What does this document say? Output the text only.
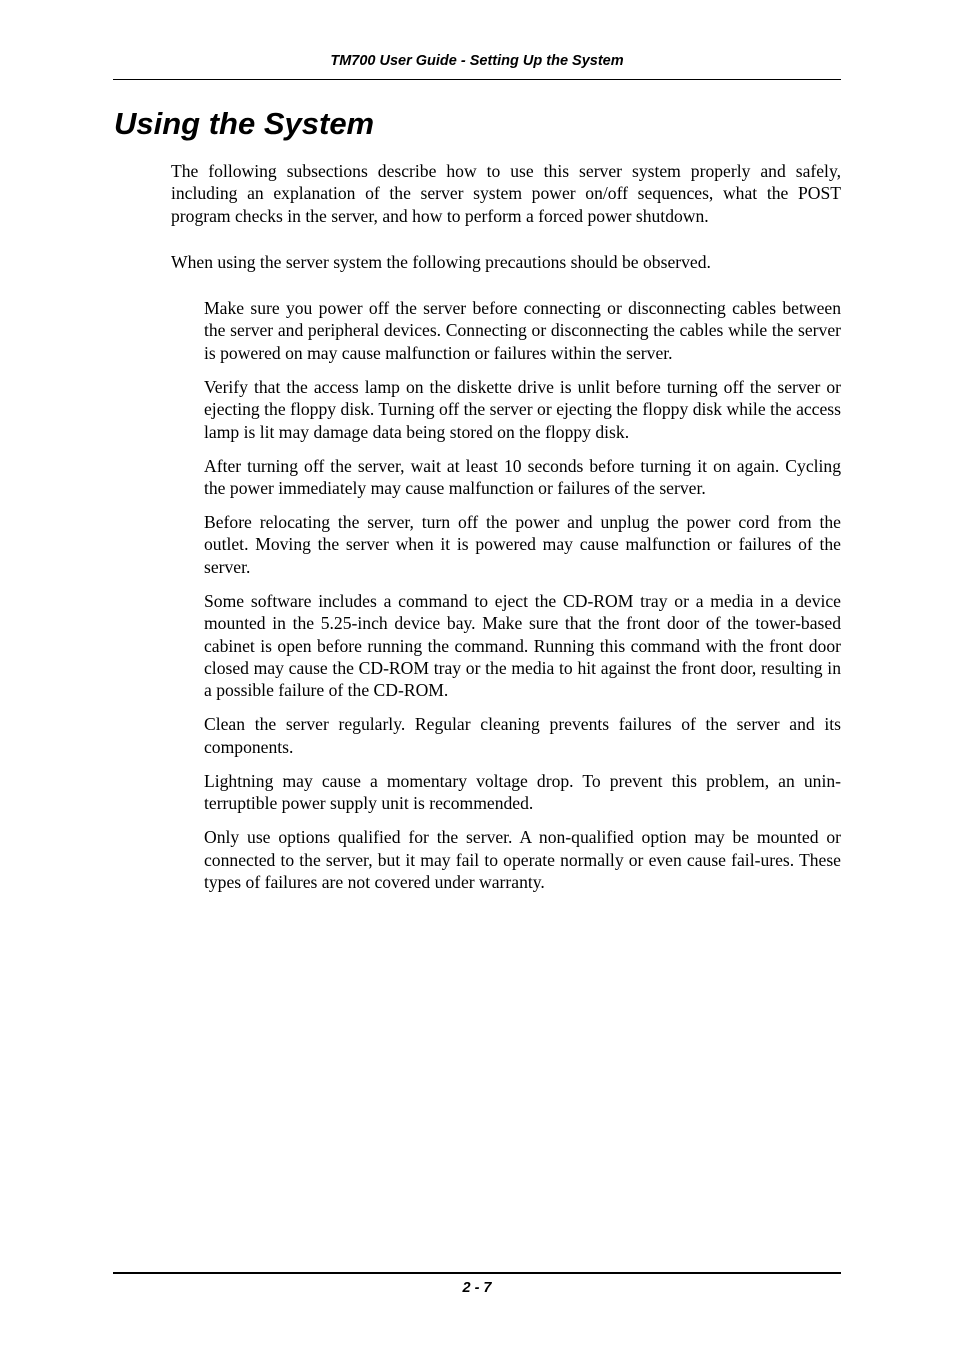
TM700 User Guide - Setting Up the System
Using the System

The following subsections describe how to use this server system properly and safely, including an explanation of the server system power on/off sequences, what the POST program checks in the server, and how to perform a forced power shutdown.

When using the server system the following precautions should be observed.

Make sure you power off the server before connecting or disconnecting cables between the server and peripheral devices. Connecting or disconnecting the cables while the server is powered on may cause malfunction or failures within the server.
Verify that the access lamp on the diskette drive is unlit before turning off the server or ejecting the floppy disk. Turning off the server or ejecting the floppy disk while the access lamp is lit may damage data being stored on the floppy disk.
After turning off the server, wait at least 10 seconds before turning it on again. Cycling the power immediately may cause malfunction or failures of the server.
Before relocating the server, turn off the power and unplug the power cord from the outlet. Moving the server when it is powered may cause malfunction or failures of the server.
Some software includes a command to eject the CD-ROM tray or a media in a device mounted in the 5.25-inch device bay. Make sure that the front door of the tower-based cabinet is open before running the command. Running this command with the front door closed may cause the CD-ROM tray or the media to hit against the front door, resulting in a possible failure of the CD-ROM.
Clean the server regularly. Regular cleaning prevents failures of the server and its components.
Lightning may cause a momentary voltage drop. To prevent this problem, an unin-terruptible power supply unit is recommended.
Only use options qualified for the server. A non-qualified option may be mounted or connected to the server, but it may fail to operate normally or even cause fail-ures. These types of failures are not covered under warranty.
2 - 7
